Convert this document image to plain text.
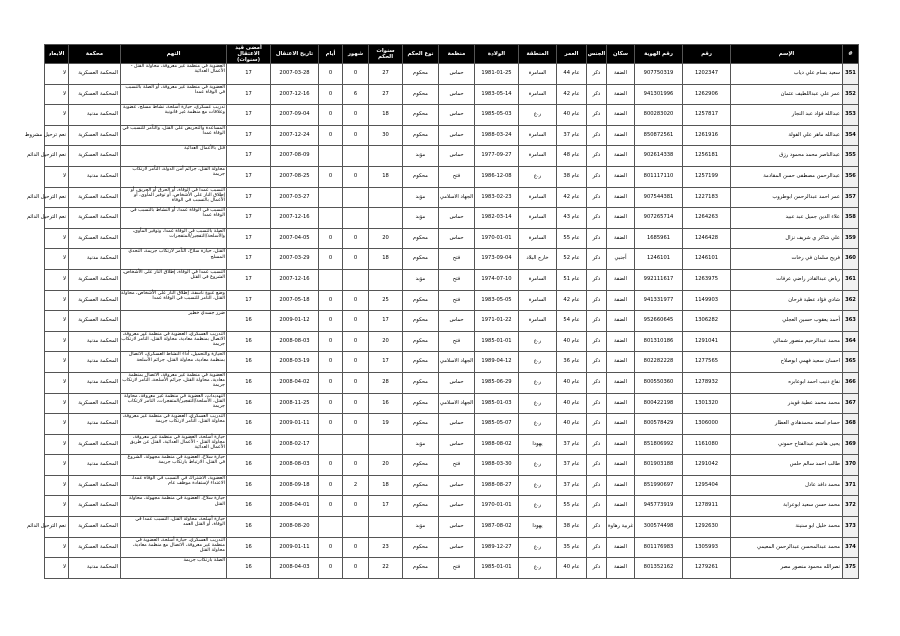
#	الإسم	رقم	رقم الهوية	سكان	الجنس	العمر	المنطقة	الولادة	منظمة	نوع الحكم	سنوات الحكم	شهور	أيام	تاريخ الاعتقال	أمضى قيد الاعتقال (سنوات)	التهم	محكمة	الابعاد
351	سعيد بسام علي دياب	1202347	907750319	الضفة	ذكر	عام 44	السامرة	1981-01-25	حماس	محكوم	27	0	0	2007-03-28	17	العضوية في منظمة غير معروفة، محاولة القتل - الأعمال العدائية	المحكمة العسكرية	لا
352	عمر علي عبداللطيف عثمان	1262906	941301996	الضفة	ذكر	عام 42	السامرة	1983-05-14	حماس	محكوم	27	6	0	2007-12-16	17	العضوية في منظمة غير معروفة، أو الصلة بالتسبب في الوفاة عمدا	المحكمة العسكرية	لا
353	عبدالله فؤاد عبد النجار	1257817	800283020	الضفة	ذكر	عام 40	ر.ع	1985-05-03	حماس	محكوم	18	0	0	2007-09-04	17	تدريب عسكري، حيازة أسلحة، نشاط مسلح، عضوية وعلاقات مع منظمة غير قانونية	المحكمة مدنية	لا
354	عبدالله ماهر علي الفولة	1261916	850872561	الضفة	ذكر	عام 37	السامرة	1988-03-24	حماس	محكوم	30	0	0	2007-12-24	17	المساعدة والتحريض على القتل، والتآمر للتسبب في الوفاة عمدا	المحكمة العسكرية	نعم ترحيل مشروط
355	عبدالناصر محمد محمود رزق	1256181	902614338	الضفة	ذكر	عام 48	السامرة	1977-09-27	حماس	مؤبد				2007-08-09	17	قتل بالأعمال العدائية	المحكمة العسكرية	نعم الترحيل الدائم
356	عبدالرحمن مصطفى حسن المقادمة	1257199	801117110	الضفة	ذكر	عام 38	ر.ع	1986-12-08	فتح	محكوم	18	0	0	2007-08-25	17	محاولة القتل، جرائم أمن الدولة، التآمر لارتكاب جريمة	المحكمة مدنية	لا
357	عمر احمد عبدالرحمن ابوطروب	1227183	907544381	الضفة	ذكر	عام 42	السامرة	1983-02-23	الجهاد الاسلامي	مؤبد				2007-03-27	17	التسبب عمدا في الوفاة، أو الحرق أو الحريق، أو إطلاق النار على الأشخاص، أو توفير المأوى، أو الأعمال بالتسبب في الوفاة	المحكمة العسكرية	نعم الترحيل الدائم
358	علاء الدين جميل عبد عبيد	1264263	907265714	الضفة	ذكر	عام 43	السامرة	1982-03-14	حماس	مؤبد				2007-12-16	17	التسبب في الوفاة عمدا، أو النشاط بالتسبب في الوفاة عمدا	المحكمة العسكرية	نعم الترحيل الدائم
359	علي شاكر ي شريف نزال	1246428	1685961	الضفة	ذكر	عام 55	السامرة	1970-01-01	حماس	محكوم	20	0	0	2007-04-05	17	الصلة بالتسبب في الوفاة عمدا، وتوفير المأوى، والأسلحة/التفجير/المتفجرات	المحكمة العسكرية	لا
360	فريح سلمان في رخات	1246101	1246101	أجنبي	ذكر	عام 52	خارج البلاد	1973-09-04	فتح	محكوم	18	0	0	2007-03-29	17	القتل، حيازة سلاح، التآمر لارتكاب جريمة، التحدي المسلح	المحكمة مدنية	لا
361	رياض عبدالقادر راضي عرفات	1263975	992111617	الضفة	ذكر	عام 51	السامرة	1974-07-10	فتح	مؤبد				2007-12-16	17	التسبب عمدا في الوفاة، إطلاق النار على الأشخاص، الشروع في القتل	المحكمة العسكرية	لا
362	شادي فؤاد عطية فرحان	1149903	941331977	الضفة	ذكر	عام 42	السامرة	1983-05-05	فتح	محكوم	25	0	0	2007-05-18	17	وضع عبوة ناسفة، إطلاق النار على الأشخاص، محاولة القتل، التآمر للتسبب في الوفاة عمدا	المحكمة العسكرية	لا
363	أحمد يعقوب حسين العجلي	1306282	952660645	الضفة	ذكر	عام 54	السامرة	1971-01-22	حماس	محكوم	17	0	0	2009-01-12	16	ضرر جسدي خطير	المحكمة العسكرية	لا
364	محمد عبدالرحيم منصور شمالي	1291041	801310186	الضفة	ذكر	عام 40	ر.ع	1985-01-01	فتح	محكوم	20	0	0	2008-08-03	16	التدريب العسكري، العضوية في منظمة غير معروفة، الاتصال بمنظمة معادية، محاولة القتل، التآمر لارتكاب جريمة	المحكمة مدنية	لا
365	احسان سعيد فهمي ابوصلاح	1277565	802282228	الضفة	ذكر	عام 36	ر.ع	1989-04-12	الجهاد الاسلامي	محكوم	17	0	0	2008-03-19	16	الحيازة والتحميل، أداء النشاط العسكري، الاتصال بمنظمة معادية، محاولة القتل، جرائم الأسلحة	المحكمة مدنية	لا
366	نفاع ذنيب احمد ابوعابره	1278932	800550360	الضفة	ذكر	عام 40	ر.ع	1985-06-29	حماس	محكوم	28	0	0	2008-04-02	16	العضوية في منظمة غير معروفة، الاتصال بمنظمة معادية، محاولة القتل، جرائم الأسلحة، التآمر لارتكاب جريمة	المحكمة مدنية	لا
367	محمد محمد عطية قويدر	1301320	800422198	الضفة	ذكر	عام 40	ر.ع	1985-01-03	الجهاد الاسلامي	محكوم	16	0	0	2008-11-25	16	التهديدات، العضوية في منظمة غير معروفة، محاولة القتل، الأسلحة/التفجير/المتفجرات، التآمر لارتكاب جريمة	المحكمة العسكرية	لا
368	حسام اسعد محمدهادي العطار	1306000	800578429	الضفة	ذكر	عام 40	ر.ع	1985-05-07	حماس	محكوم	19	0	0	2009-01-11	16	التدريب العسكري، العضوية في منظمة غير معروفة، محاولة القتل، التآمر لارتكاب جريمة	المحكمة مدنية	لا
369	يحيى هاشم عبدالفتاح حموني	1161080	851806992	الضفة	ذكر	عام 37	يهودا	1988-08-02	حماس	مؤبد				2008-02-17	16	حيازة أسلحة، العضوية في منظمة غير معروفة، محاولة القتل - الأعمال العدائية، القتل عن طريق الأعمال العدائية	المحكمة العسكرية	لا
370	طالب احمد سالم حلس	1291042	801903188	الضفة	ذكر	عام 37	ر.ع	1988-03-30	فتح	محكوم	20	0	0	2008-08-03	16	حيازة سلاح، العضوية في منظمة مجهولة، الشروع في القتل، الارتباط بارتكاب جريمة	المحكمة مدنية	لا
371	محمد دافد عادل	1295404	851990697	الضفة	ذكر	عام 37	ر.ع	1988-08-27	حماس	محكوم	18	2	0	2008-09-18	16	العضوية، الاشتراك في التسبب في الوفاة عمدا، الاعتداء لإستفادة موظف عام	المحكمة العسكرية	لا
372	محمد حسن سعيد ابوعرابة	1278911	945773919	الضفة	ذكر	عام 55	ر.ع	1970-01-01	حماس	محكوم	17	0	0	2008-04-01	16	حيازة سلاح، العضوية في منظمة مجهولة، محاولة القتل	المحكمة العسكرية	لا
373	محمد خليل ابو سنينة	1292630	300574498	غربية رهاوة	ذكر	عام 38	يهودا	1987-08-02	حماس	مؤبد				2008-08-20	16	حيازة أسلحة، محاولة القتل، التسبب عمدا في الوفاة، أو القتل العمد	المحكمة العسكرية	نعم الترحيل الدائم
374	محمد عبدالمحسن عبدالرحمن المعيمي	1305993	801176983	الضفة	ذكر	عام 35	ر.ع	1989-12-27	حماس	محكوم	23	0	0	2009-01-11	16	التدريب العسكري، حيازة أسلحة، العضوية في منظمة غير معروفة، الاتصال مع منظمة معادية، محاولة القتل	المحكمة العسكرية	لا
375	نصرالله محمود منصور مصر	1279261	801352162	الضفة	ذكر	عام 40	ر.ع	1985-01-01	فتح	محكوم	22	0	0	2008-04-03	16	الصلة بارتكاب جريمة	المحكمة مدنية	لا
